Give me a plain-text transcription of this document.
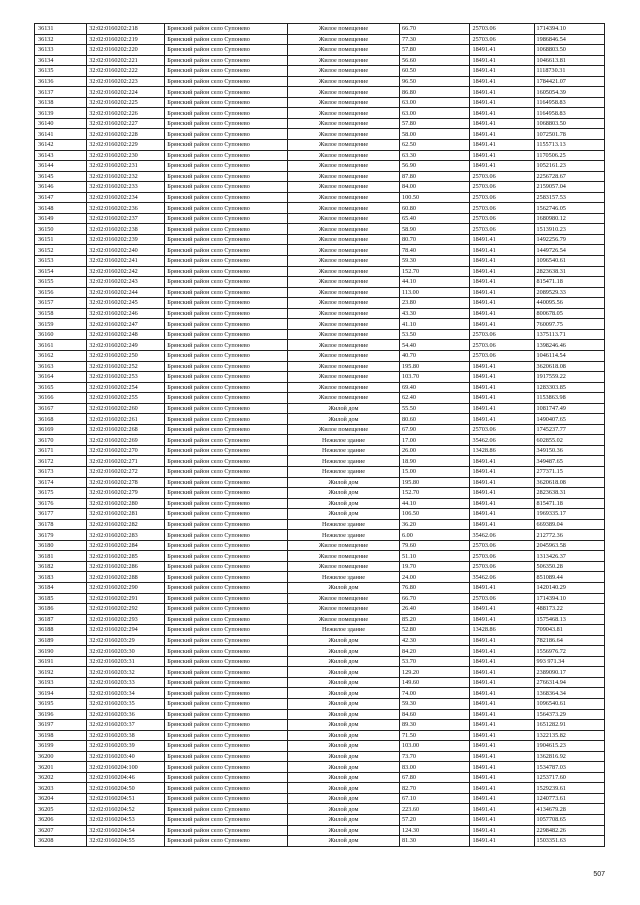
36131	32:02:0160202:218	Брянский район село Супонево	Жилое помещение	66.70	25703.06	1714394.10
36132	32:02:0160202:219	Брянский район село Супонево	Жилое помещение	77.30	25703.06	1986846.54
36133	32:02:0160202:220	Брянский район село Супонево	Жилое помещение	57.80	18491.41	1068803.50
36134	32:02:0160202:221	Брянский район село Супонево	Жилое помещение	56.60	18491.41	1046613.81
36135	32:02:0160202:222	Брянский район село Супонево	Жилое помещение	60.50	18491.41	1118730.31
36136	32:02:0160202:223	Брянский район село Супонево	Жилое помещение	96.50	18491.41	1784421.07
36137	32:02:0160202:224	Брянский район село Супонево	Жилое помещение	86.80	18491.41	1605054.39
36138	32:02:0160202:225	Брянский район село Супонево	Жилое помещение	63.00	18491.41	1164958.83
36139	32:02:0160202:226	Брянский район село Супонево	Жилое помещение	63.00	18491.41	1164958.83
36140	32:02:0160202:227	Брянский район село Супонево	Жилое помещение	57.80	18491.41	1068803.50
36141	32:02:0160202:228	Брянский район село Супонево	Жилое помещение	58.00	18491.41	1072501.78
36142	32:02:0160202:229	Брянский район село Супонево	Жилое помещение	62.50	18491.41	1155713.13
36143	32:02:0160202:230	Брянский район село Супонево	Жилое помещение	63.30	18491.41	1170506.25
36144	32:02:0160202:231	Брянский район село Супонево	Жилое помещение	56.90	18491.41	1052161.23
36145	32:02:0160202:232	Брянский район село Супонево	Жилое помещение	87.80	25703.06	2256728.67
36146	32:02:0160202:233	Брянский район село Супонево	Жилое помещение	84.00	25703.06	2159057.04
36147	32:02:0160202:234	Брянский район село Супонево	Жилое помещение	100.50	25703.06	2583157.53
36148	32:02:0160202:236	Брянский район село Супонево	Жилое помещение	60.80	25703.06	1562746.05
36149	32:02:0160202:237	Брянский район село Супонево	Жилое помещение	65.40	25703.06	1680980.12
36150	32:02:0160202:238	Брянский район село Супонево	Жилое помещение	58.90	25703.06	1513910.23
36151	32:02:0160202:239	Брянский район село Супонево	Жилое помещение	80.70	18491.41	1492256.79
36152	32:02:0160202:240	Брянский район село Супонево	Жилое помещение	78.40	18491.41	1449726.54
36153	32:02:0160202:241	Брянский район село Супонево	Жилое помещение	59.30	18491.41	1096540.61
36154	32:02:0160202:242	Брянский район село Супонево	Жилое помещение	152.70	18491.41	2823638.31
36155	32:02:0160202:243	Брянский район село Супонево	Жилое помещение	44.10	18491.41	815471.18
36156	32:02:0160202:244	Брянский район село Супонево	Жилое помещение	113.00	18491.41	2089529.33
36157	32:02:0160202:245	Брянский район село Супонево	Жилое помещение	23.80	18491.41	440095.56
36158	32:02:0160202:246	Брянский район село Супонево	Жилое помещение	43.30	18491.41	800678.05
36159	32:02:0160202:247	Брянский район село Супонево	Жилое помещение	41.10	18491.41	760097.75
36160	32:02:0160202:248	Брянский район село Супонево	Жилое помещение	53.50	25703.06	1375113.71
36161	32:02:0160202:249	Брянский район село Супонево	Жилое помещение	54.40	25703.06	1398246.46
36162	32:02:0160202:250	Брянский район село Супонево	Жилое помещение	40.70	25703.06	1046114.54
36163	32:02:0160202:252	Брянский район село Супонево	Жилое помещение	195.80	18491.41	3620618.08
36164	32:02:0160202:253	Брянский район село Супонево	Жилое помещение	103.70	18491.41	1917559.22
36165	32:02:0160202:254	Брянский район село Супонево	Жилое помещение	69.40	18491.41	1283303.85
36166	32:02:0160202:255	Брянский район село Супонево	Жилое помещение	62.40	18491.41	1153863.98
36167	32:02:0160202:260	Брянский район село Супонево	Жилой дом	55.50	18491.41	1081747.49
36168	32:02:0160202:261	Брянский район село Супонево	Жилой дом	80.60	18491.41	1490407.65
36169	32:02:0160202:268	Брянский район село Супонево	Жилое помещение	67.90	25703.06	1745237.77
36170	32:02:0160202:269	Брянский район село Супонево	Нежилое здание	17.00	35462.06	602855.02
36171	32:02:0160202:270	Брянский район село Супонево	Нежилое здание	26.00	13428.86	349150.36
36172	32:02:0160202:271	Брянский район село Супонево	Нежилое здание	18.90	18491.41	349487.65
36173	32:02:0160202:272	Брянский район село Супонево	Нежилое здание	15.00	18491.41	277371.15
36174	32:02:0160202:278	Брянский район село Супонево	Жилой дом	195.80	18491.41	3620618.08
36175	32:02:0160202:279	Брянский район село Супонево	Жилой дом	152.70	18491.41	2823638.31
36176	32:02:0160202:280	Брянский район село Супонево	Жилой дом	44.10	18491.41	815471.18
36177	32:02:0160202:281	Брянский район село Супонево	Жилой дом	106.50	18491.41	1969335.17
36178	32:02:0160202:282	Брянский район село Супонево	Нежилое здание	36.20	18491.41	669389.04
36179	32:02:0160202:283	Брянский район село Супонево	Нежилое здание	6.00	35462.06	212772.36
36180	32:02:0160202:284	Брянский район село Супонево	Жилое помещение	79.60	25703.06	2045963.58
36181	32:02:0160202:285	Брянский район село Супонево	Жилое помещение	51.10	25703.06	1313426.37
36182	32:02:0160202:286	Брянский район село Супонево	Жилое помещение	19.70	25703.06	506350.28
36183	32:02:0160202:288	Брянский район село Супонево	Нежилое здание	24.00	35462.06	851089.44
36184	32:02:0160202:290	Брянский район село Супонево	Жилой дом	76.80	18491.41	1420140.29
36185	32:02:0160202:291	Брянский район село Супонево	Жилое помещение	66.70	25703.06	1714394.10
36186	32:02:0160202:292	Брянский район село Супонево	Жилое помещение	26.40	18491.41	488173.22
36187	32:02:0160202:293	Брянский район село Супонево	Жилое помещение	85.20	18491.41	1575468.13
36188	32:02:0160202:294	Брянский район село Супонево	Нежилое здание	52.80	13428.86	709043.81
36189	32:02:0160203:29	Брянский район село Супонево	Жилой дом	42.30	18491.41	782186.64
36190	32:02:0160203:30	Брянский район село Супонево	Жилой дом	84.20	18491.41	1556976.72
36191	32:02:0160203:31	Брянский район село Супонево	Жилой дом	53.70	18491.41	993 971.34
36192	32:02:0160203:32	Брянский район село Супонево	Жилой дом	129.20	18491.41	2389090.17
36193	32:02:0160203:33	Брянский район село Супонево	Жилой дом	149.60	18491.41	2766314.94
36194	32:02:0160203:34	Брянский район село Супонево	Жилой дом	74.00	18491.41	1368364.34
36195	32:02:0160203:35	Брянский район село Супонево	Жилой дом	59.30	18491.41	1096540.61
36196	32:02:0160203:36	Брянский район село Супонево	Жилой дом	84.60	18491.41	1564373.29
36197	32:02:0160203:37	Брянский район село Супонево	Жилой дом	89.30	18491.41	1651282.91
36198	32:02:0160203:38	Брянский район село Супонево	Жилой дом	71.50	18491.41	1322135.82
36199	32:02:0160203:39	Брянский район село Супонево	Жилой дом	103.00	18491.41	1904615.23
36200	32:02:0160203:40	Брянский район село Супонево	Жилой дом	73.70	18491.41	1362816.92
36201	32:02:0160204:100	Брянский район село Супонево	Жилой дом	83.00	18491.41	1534787.03
36202	32:02:0160204:46	Брянский район село Супонево	Жилой дом	67.80	18491.41	1253717.60
36203	32:02:0160204:50	Брянский район село Супонево	Жилой дом	82.70	18491.41	1529239.61
36204	32:02:0160204:51	Брянский район село Супонево	Жилой дом	67.10	18491.41	1240773.61
36205	32:02:0160204:52	Брянский район село Супонево	Жилой дом	223.60	18491.41	4134679.28
36206	32:02:0160204:53	Брянский район село Супонево	Жилой дом	57.20	18491.41	1057708.65
36207	32:02:0160204:54	Брянский район село Супонево	Жилой дом	124.30	18491.41	2298482.26
36208	32:02:0160204:55	Брянский район село Супонево	Жилой дом	81.30	18491.41	1503351.63
507
